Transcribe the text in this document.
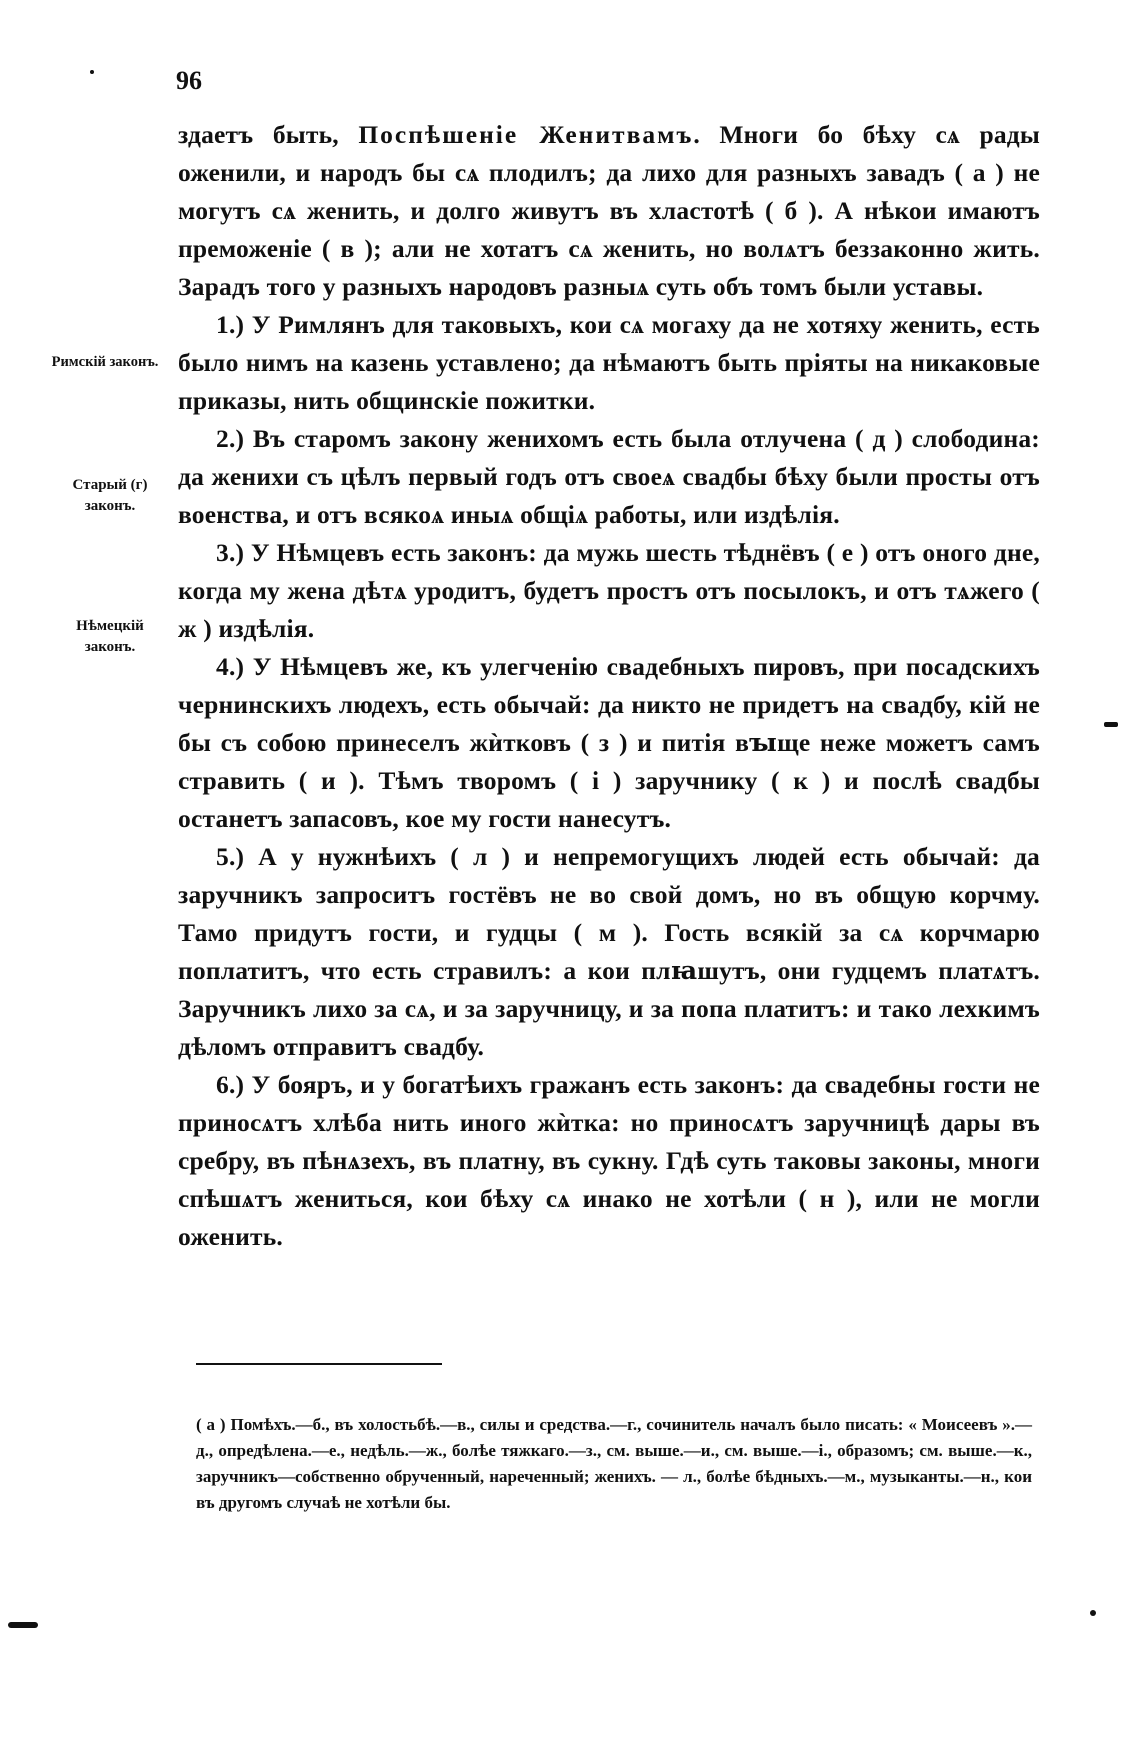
96

здаетъ быть, Поспѣшеніе Женитвамъ. Многи бо бѣху сѧ рады оженили, и народъ бы сѧ плодилъ; да лихо для разныхъ завадъ ( а ) не могутъ сѧ женить, и долго живутъ въ хластотѣ ( б ). А нѣкои имаютъ преможеніе ( в ); али не хотатъ сѧ женить, но волѧтъ беззаконно жить. Зарадъ того у разныхъ народовъ разныѧ суть объ томъ были уставы.

1.) У Римлянъ для таковыхъ, кои сѧ могаху да не хотяху женить, есть было нимъ на казень уставлено; да нѣмаютъ быть пріяты на никаковые приказы, нить общинскіе пожитки.

2.) Въ старомъ закону женихомъ есть была отлучена ( д ) слободина: да женихи съ цѣлъ первый годъ отъ своеѧ свадбы бѣху были просты отъ военства, и отъ всякоѧ иныѧ общіѧ работы, или издѣлія.

3.) У Нѣмцевъ есть законъ: да мужь шесть тѣднёвъ ( е ) отъ оного дне, когда му жена дѣтѧ уродитъ, будетъ простъ отъ посылокъ, и отъ тѧжего ( ж ) издѣлія.

4.) У Нѣмцевъ же, къ улегченію свадебныхъ пировъ, при посадскихъ чернинскихъ людехъ, есть обычай: да никто не придетъ на свадбу, кій не бы съ собою принеселъ жѝтковъ ( з ) и питія вꙑще неже можетъ самъ стравить ( и ). Тѣмъ творомъ ( і ) заручнику ( к ) и послѣ свадбы останетъ запасовъ, кое му гости нанесутъ.

5.) А у нужнѣихъ ( л ) и непремогущихъ людей есть обычай: да заручникъ запроситъ гостёвъ не во свой домъ, но въ общую корчму. Тамо придутъ гости, и гудцы ( м ). Гость всякій за сѧ корчмарю поплатитъ, что есть стравилъ: а кои плꙗшутъ, они гудцемъ платѧтъ. Заручникъ лихо за сѧ, и за заручницу, и за попа платитъ: и тако лехкимъ дѣломъ отправитъ свадбу.

6.) У бояръ, и у богатѣихъ гражанъ есть законъ: да свадебны гости не приносѧтъ хлѣба нить иного жѝтка: но приносѧтъ заручницѣ дары въ сребру, въ пѣнѧзехъ, въ платну, въ сукну. Гдѣ суть таковы законы, многи спѣшѧтъ жениться, кои бѣху сѧ инако не хотѣли ( н ), или не могли оженить.

Римскій законъ.
Старый (г)
законъ.
Нѣмецкій
законъ.

( а ) Помѣхъ.—б., въ холостьбѣ.—в., силы и средства.—г., сочинитель началъ было писать: « Моисеевъ ».—д., опредѣлена.—е., недѣль.—ж., болѣе тяжкаго.—з., см. выше.—и., см. выше.—і., образомъ; см. выше.—к., заручникъ—собственно обрученный, нареченный; женихъ. — л., болѣе бѣдныхъ.—м., музыканты.—н., кои въ другомъ случаѣ не хотѣли бы.
